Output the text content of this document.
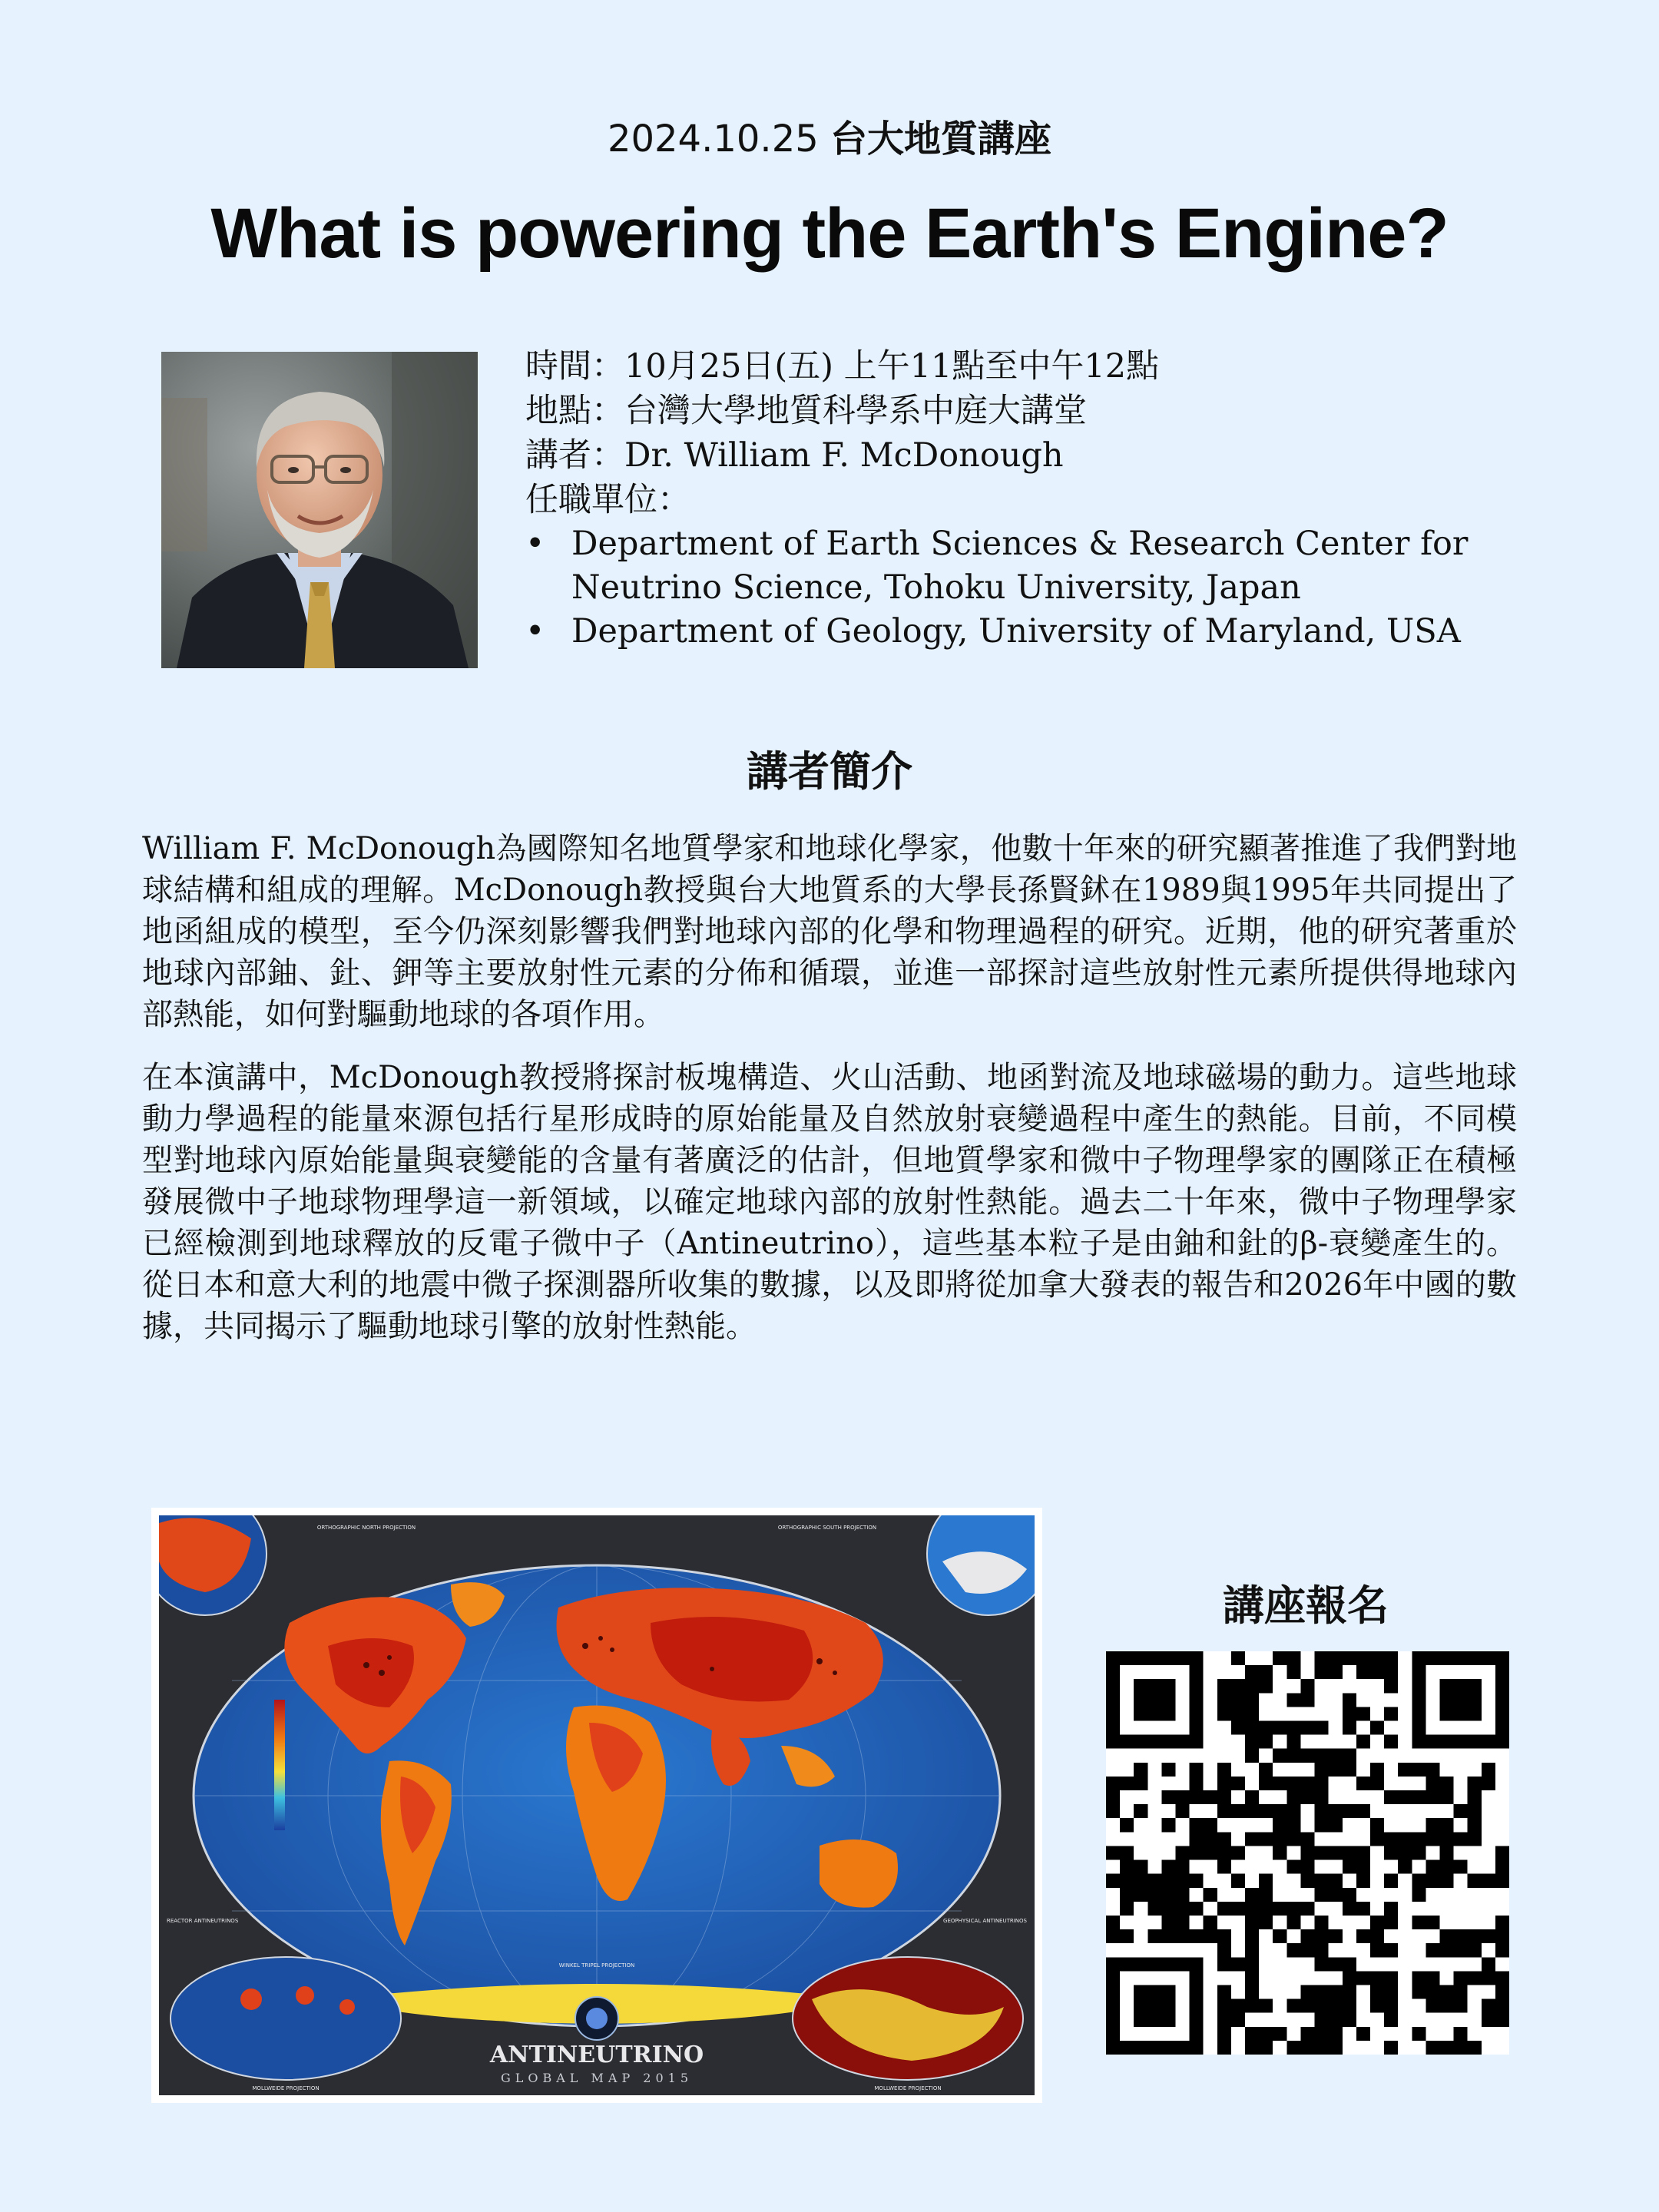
2024.10.25 台大地質講座
What is powering the Earth's Engine?
時間：10月25日(五) 上午11點至中午12點
地點：台灣大學地質科學系中庭大講堂
講者：Dr. William F. McDonough
任職單位：
• Department of Earth Sciences & Research Center for
Neutrino Science, Tohoku University, Japan
• Department of Geology, University of Maryland, USA
講者簡介

William F. McDonough為國際知名地質學家和地球化學家，他數十年來的研究顯著推進了我們對地球結構和組成的理解。McDonough教授與台大地質系的大學長孫賢鉥在1989與1995年共同提出了地函組成的模型，至今仍深刻影響我們對地球內部的化學和物理過程的研究。近期，他的研究著重於地球內部鈾、釷、鉀等主要放射性元素的分佈和循環，並進一部探討這些放射性元素所提供得地球內部熱能，如何對驅動地球的各項作用。

在本演講中，McDonough教授將探討板塊構造、火山活動、地函對流及地球磁場的動力。這些地球動力學過程的能量來源包括行星形成時的原始能量及自然放射衰變過程中產生的熱能。目前，不同模型對地球內原始能量與衰變能的含量有著廣泛的估計，但地質學家和微中子物理學家的團隊正在積極發展微中子地球物理學這一新領域，以確定地球內部的放射性熱能。過去二十年來，微中子物理學家已經檢測到地球釋放的反電子微中子（Antineutrino），這些基本粒子是由鈾和釷的β-衰變產生的。從日本和意大利的地震中微子探測器所收集的數據，以及即將從加拿大發表的報告和2026年中國的數據，共同揭示了驅動地球引擎的放射性熱能。

ANTINEUTRINO
GLOBAL MAP 2015
ORTHOGRAPHIC NORTH PROJECTION	ORTHOGRAPHIC SOUTH PROJECTION
REACTOR ANTINEUTRINOS	GEOPHYSICAL ANTINEUTRINOS
MOLLWEIDE PROJECTION	MOLLWEIDE PROJECTION
WINKEL TRIPEL PROJECTION
講座報名
